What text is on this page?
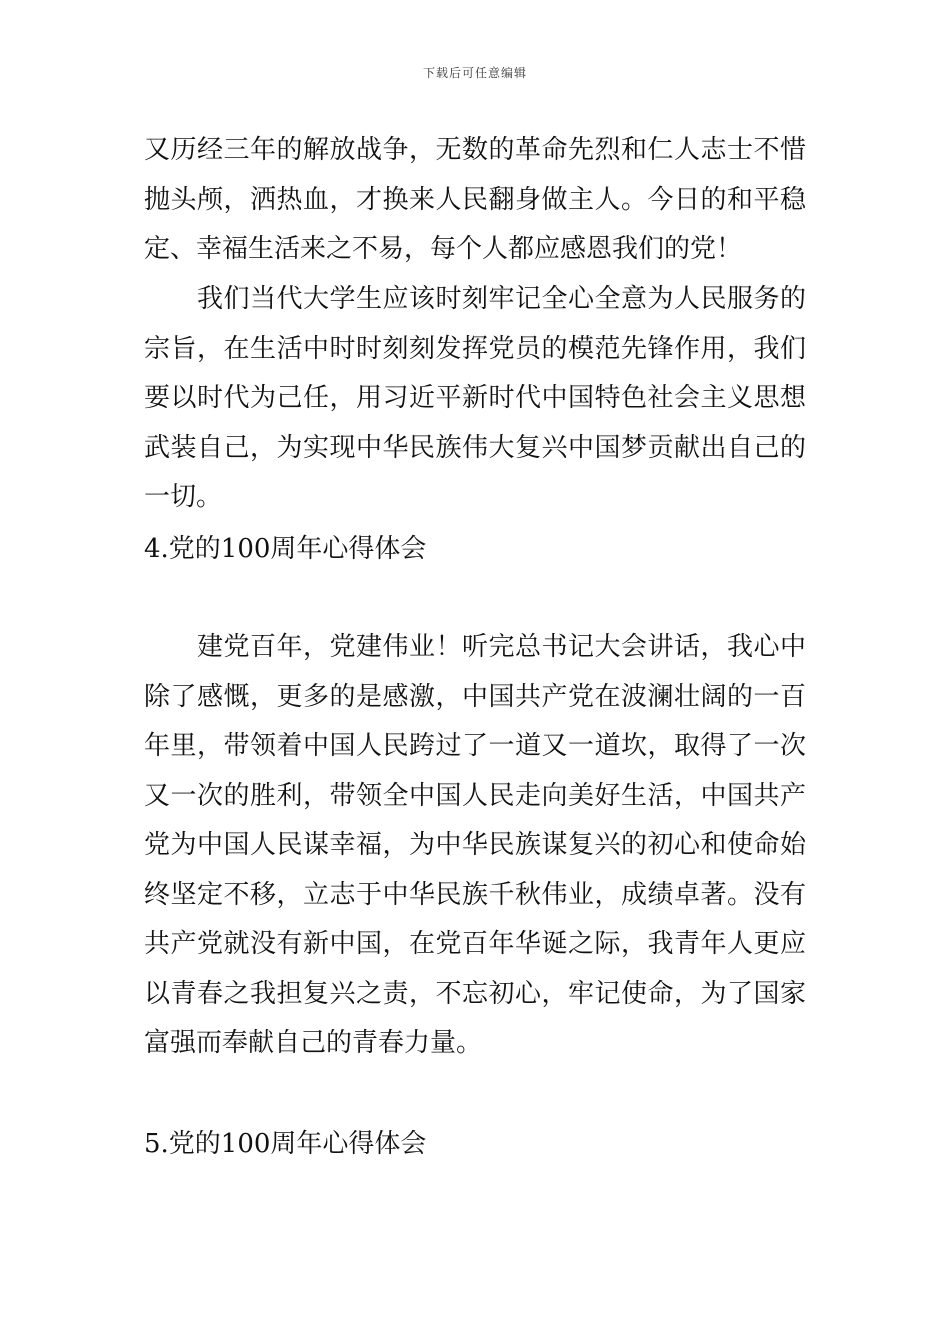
下载后可任意编辑

又历经三年的解放战争，无数的革命先烈和仁人志士不惜抛头颅，洒热血，才换来人民翻身做主人。今日的和平稳定、幸福生活来之不易，每个人都应感恩我们的党！

我们当代大学生应该时刻牢记全心全意为人民服务的宗旨，在生活中时时刻刻发挥党员的模范先锋作用，我们要以时代为己任，用习近平新时代中国特色社会主义思想武装自己，为实现中华民族伟大复兴中国梦贡献出自己的一切。

4.党的100周年心得体会

建党百年，党建伟业！听完总书记大会讲话，我心中除了感慨，更多的是感激，中国共产党在波澜壮阔的一百年里，带领着中国人民跨过了一道又一道坎，取得了一次又一次的胜利，带领全中国人民走向美好生活，中国共产党为中国人民谋幸福，为中华民族谋复兴的初心和使命始终坚定不移，立志于中华民族千秋伟业，成绩卓著。没有共产党就没有新中国，在党百年华诞之际，我青年人更应以青春之我担复兴之责，不忘初心，牢记使命，为了国家富强而奉献自己的青春力量。

5.党的100周年心得体会
